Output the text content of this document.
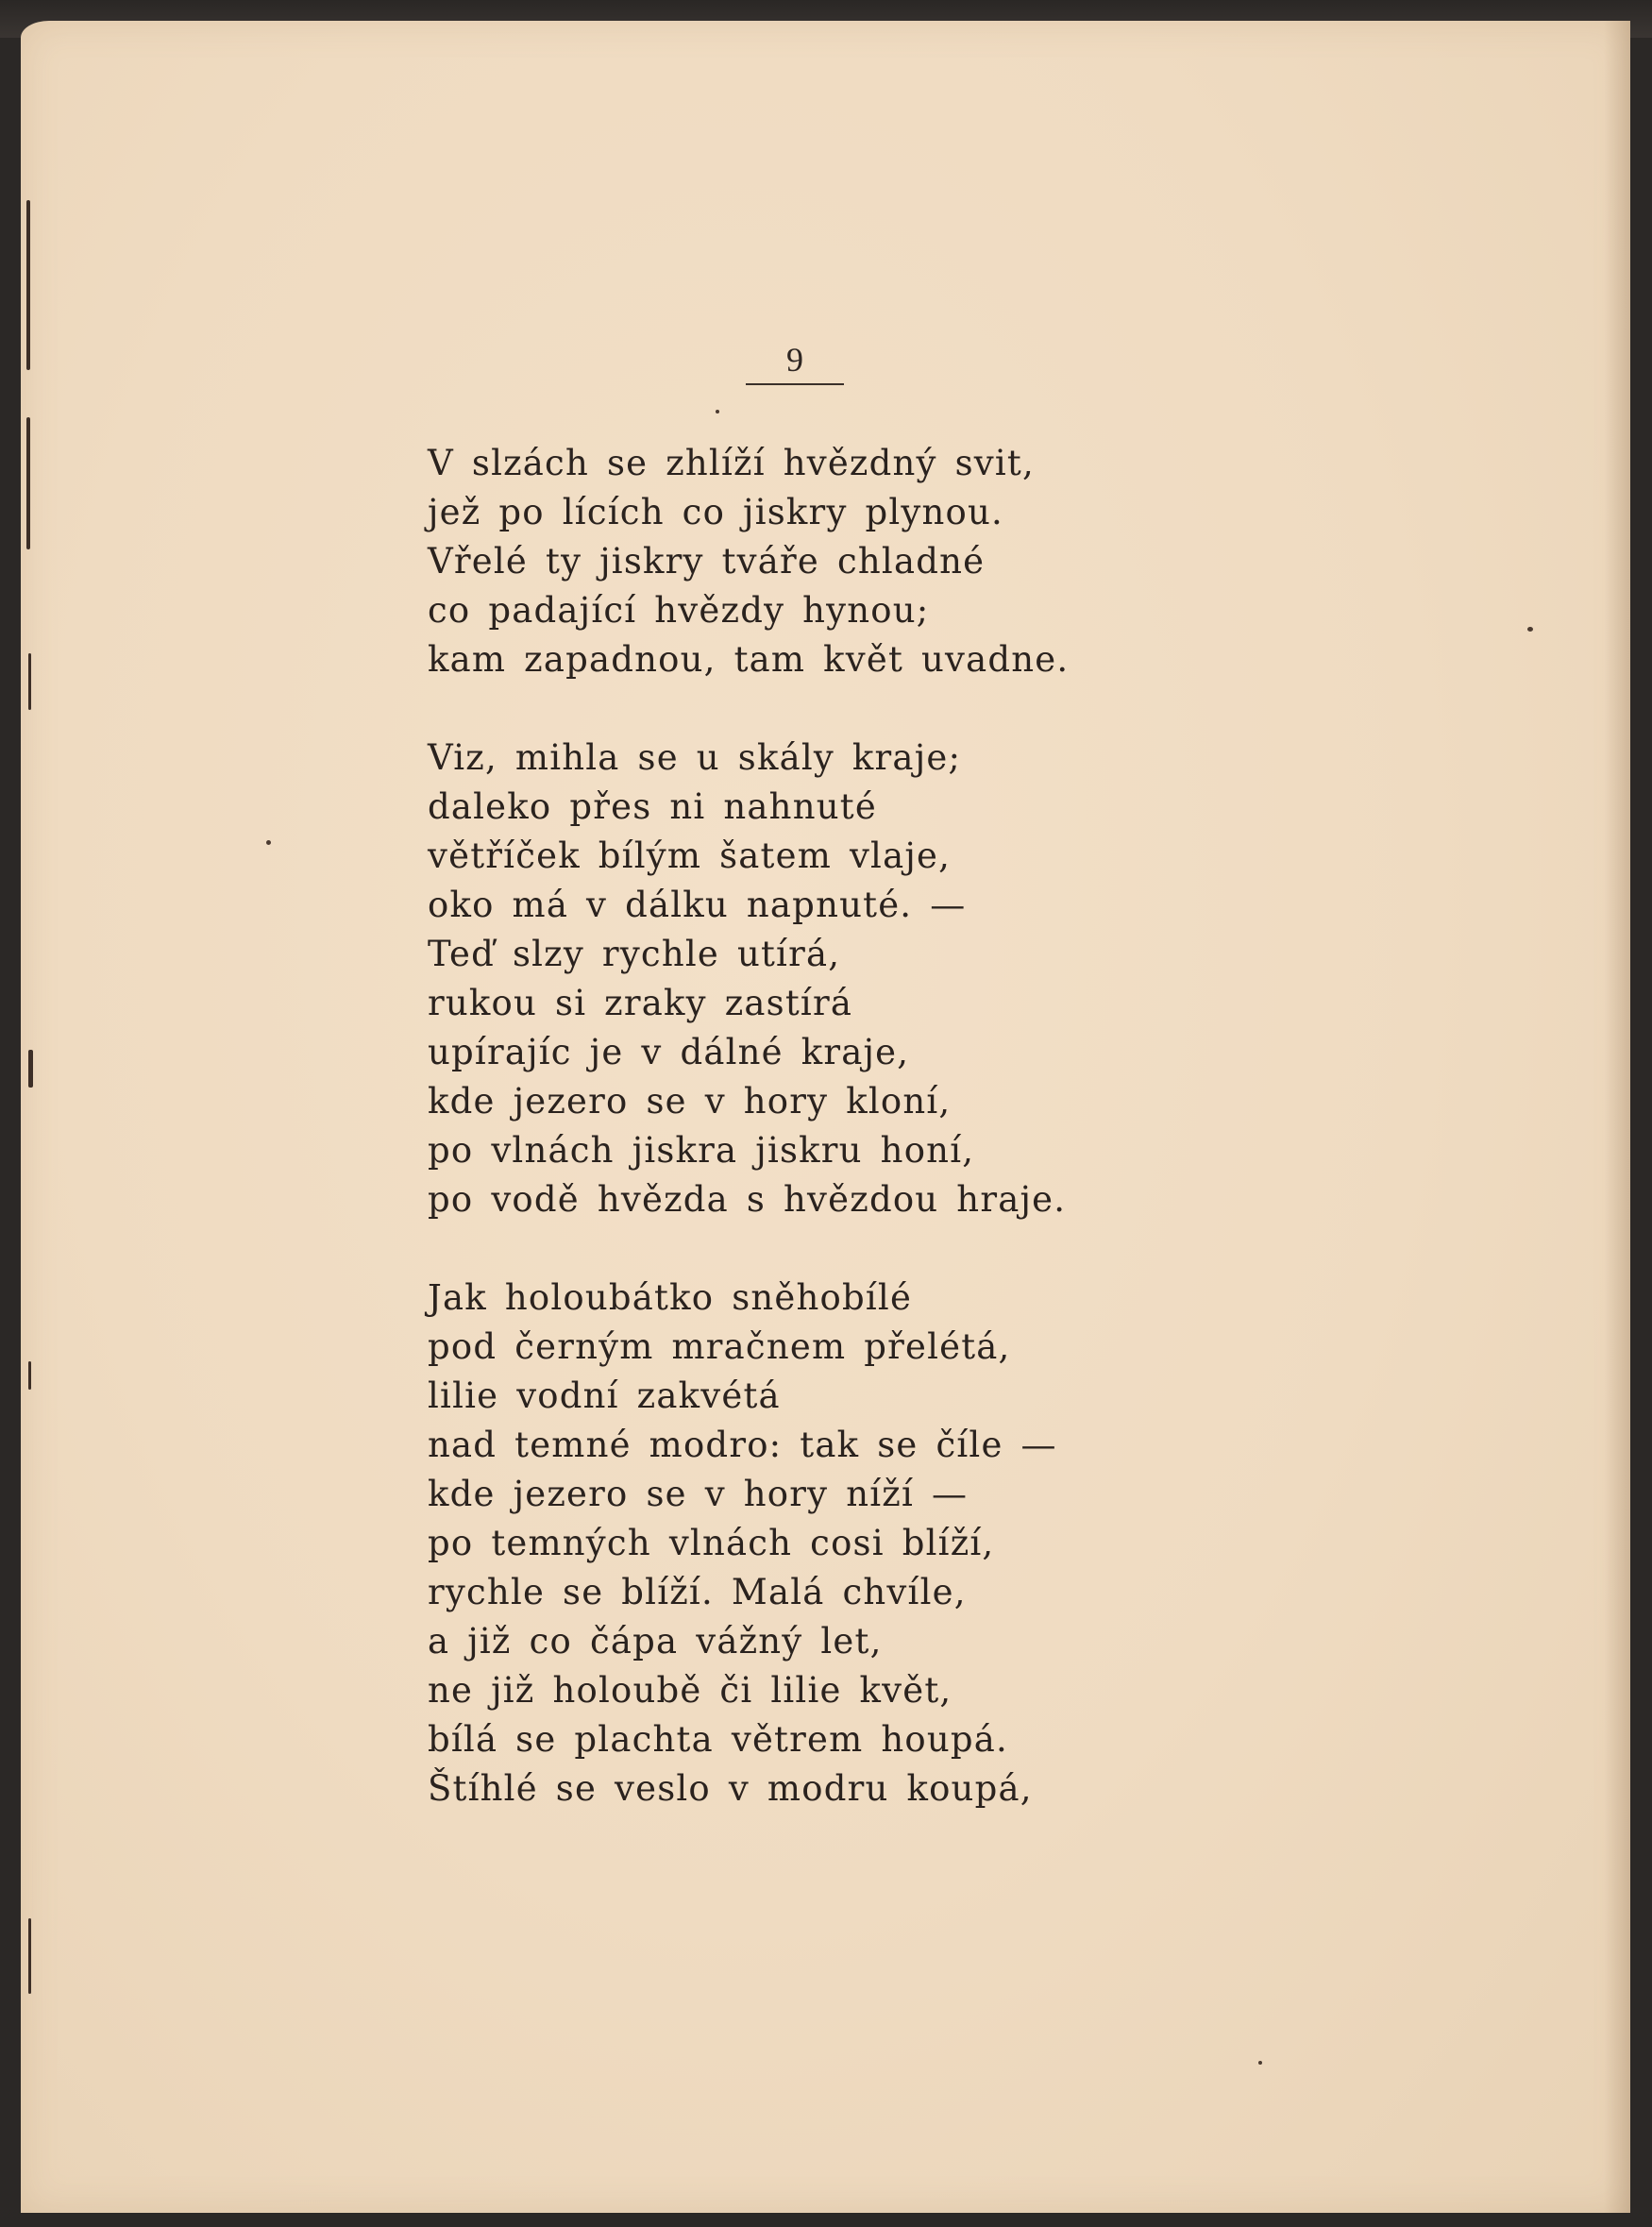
9
V slzách se zhlíží hvězdný svit,
jež po lících co jiskry plynou.
Vřelé ty jiskry tváře chladné
co padající hvězdy hynou;
kam zapadnou, tam květ uvadne.
Viz, mihla se u skály kraje;
daleko přes ni nahnuté
větříček bílým šatem vlaje,
oko má v dálku napnuté. —
Teď slzy rychle utírá,
rukou si zraky zastírá
upírajíc je v dálné kraje,
kde jezero se v hory kloní,
po vlnách jiskra jiskru honí,
po vodě hvězda s hvězdou hraje.
Jak holoubátko sněhobílé
pod černým mračnem přelétá,
lilie vodní zakvétá
nad temné modro: tak se číle —
kde jezero se v hory níží —
po temných vlnách cosi blíží,
rychle se blíží. Malá chvíle,
a již co čápa vážný let,
ne již holoubě či lilie květ,
bílá se plachta větrem houpá.
Štíhlé se veslo v modru koupá,
